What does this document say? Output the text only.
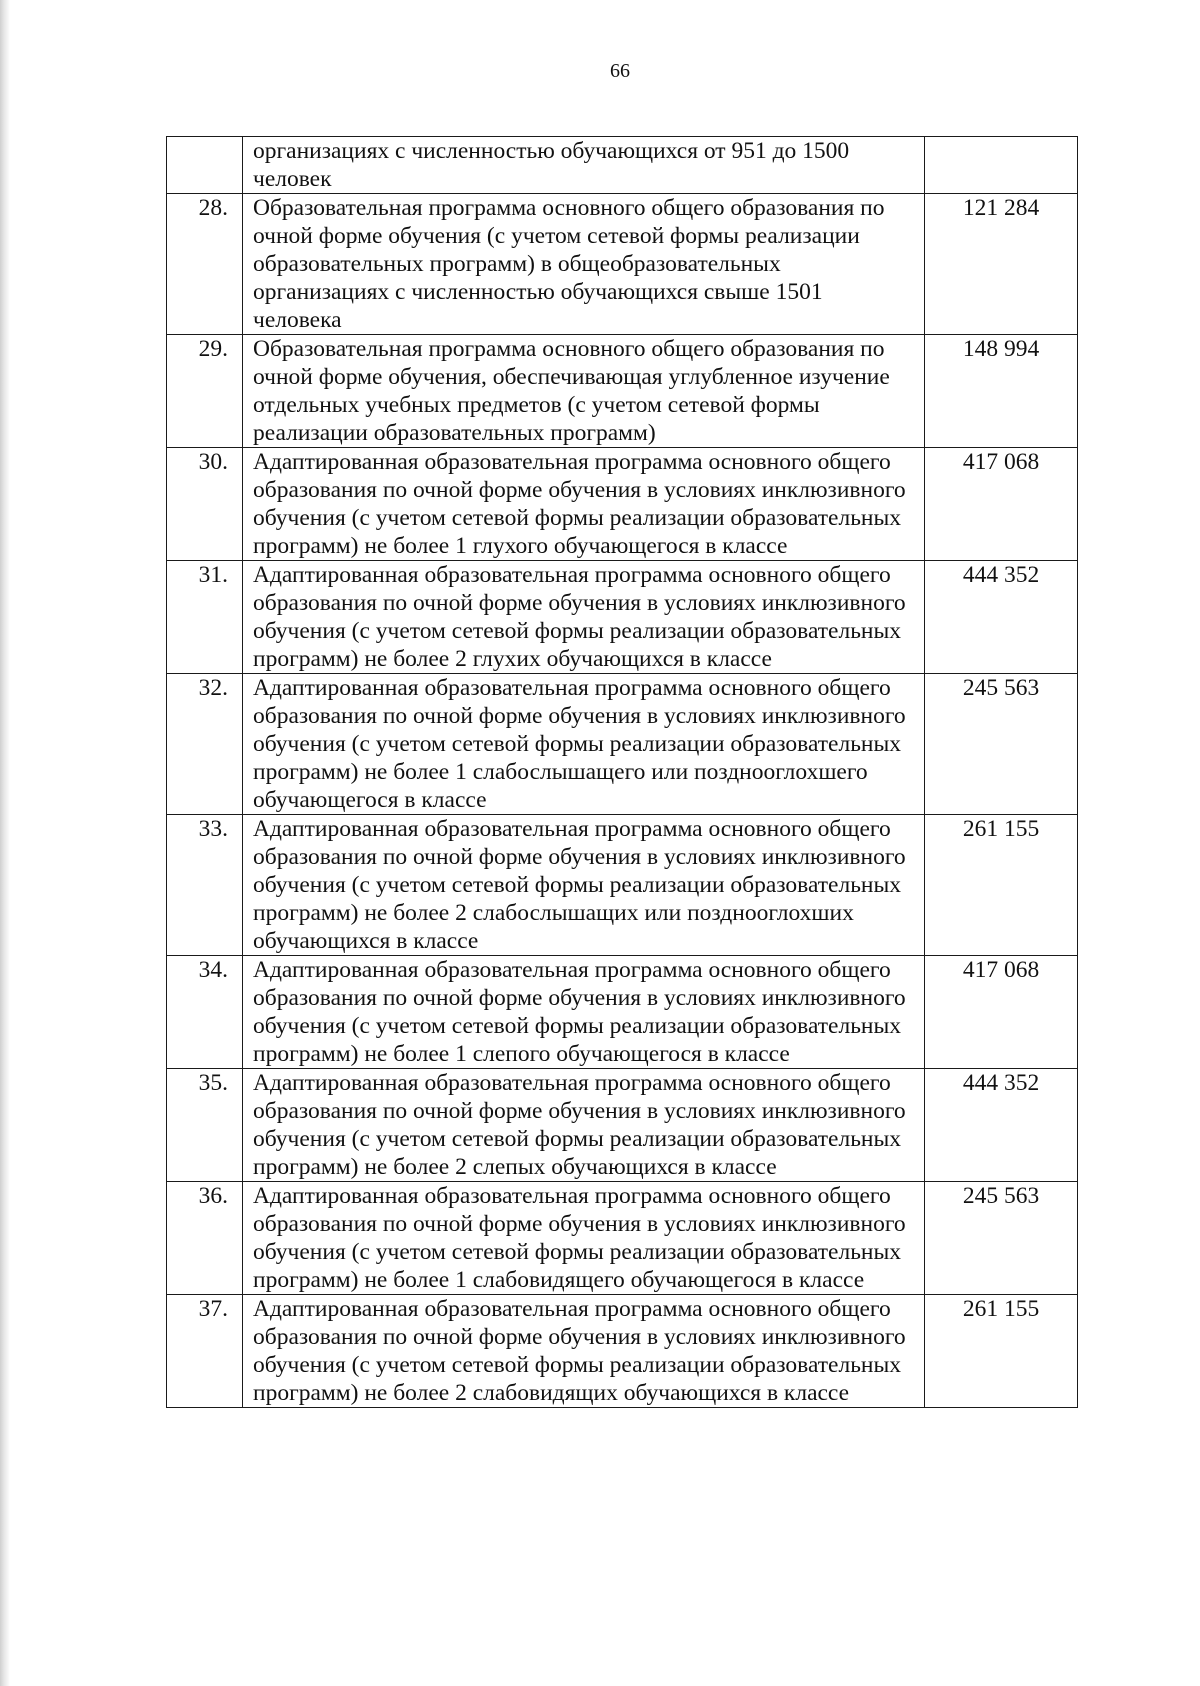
66
	организациях с численностью обучающихся от 951 до 1500 человек	
28.	Образовательная программа основного общего образования по очной форме обучения (с учетом сетевой формы реализации образовательных программ) в общеобразовательных организациях с численностью обучающихся свыше 1501 человека	121 284
29.	Образовательная программа основного общего образования по очной форме обучения, обеспечивающая углубленное изучение отдельных учебных предметов (с учетом сетевой формы реализации образовательных программ)	148 994
30.	Адаптированная образовательная программа основного общего образования по очной форме обучения в условиях инклюзивного обучения (с учетом сетевой формы реализации образовательных программ) не более 1 глухого обучающегося в классе	417 068
31.	Адаптированная образовательная программа основного общего образования по очной форме обучения в условиях инклюзивного обучения (с учетом сетевой формы реализации образовательных программ) не более 2 глухих обучающихся в классе	444 352
32.	Адаптированная образовательная программа основного общего образования по очной форме обучения в условиях инклюзивного обучения (с учетом сетевой формы реализации образовательных программ) не более 1 слабослышащего или позднооглохшего обучающегося в классе	245 563
33.	Адаптированная образовательная программа основного общего образования по очной форме обучения в условиях инклюзивного обучения (с учетом сетевой формы реализации образовательных программ) не более 2 слабослышащих или позднооглохших обучающихся в классе	261 155
34.	Адаптированная образовательная программа основного общего образования по очной форме обучения в условиях инклюзивного обучения (с учетом сетевой формы реализации образовательных программ) не более 1 слепого обучающегося в классе	417 068
35.	Адаптированная образовательная программа основного общего образования по очной форме обучения в условиях инклюзивного обучения (с учетом сетевой формы реализации образовательных программ) не более 2 слепых обучающихся в классе	444 352
36.	Адаптированная образовательная программа основного общего образования по очной форме обучения в условиях инклюзивного обучения (с учетом сетевой формы реализации образовательных программ) не более 1 слабовидящего обучающегося в классе	245 563
37.	Адаптированная образовательная программа основного общего образования по очной форме обучения в условиях инклюзивного обучения (с учетом сетевой формы реализации образовательных программ) не более 2 слабовидящих обучающихся в классе	261 155
